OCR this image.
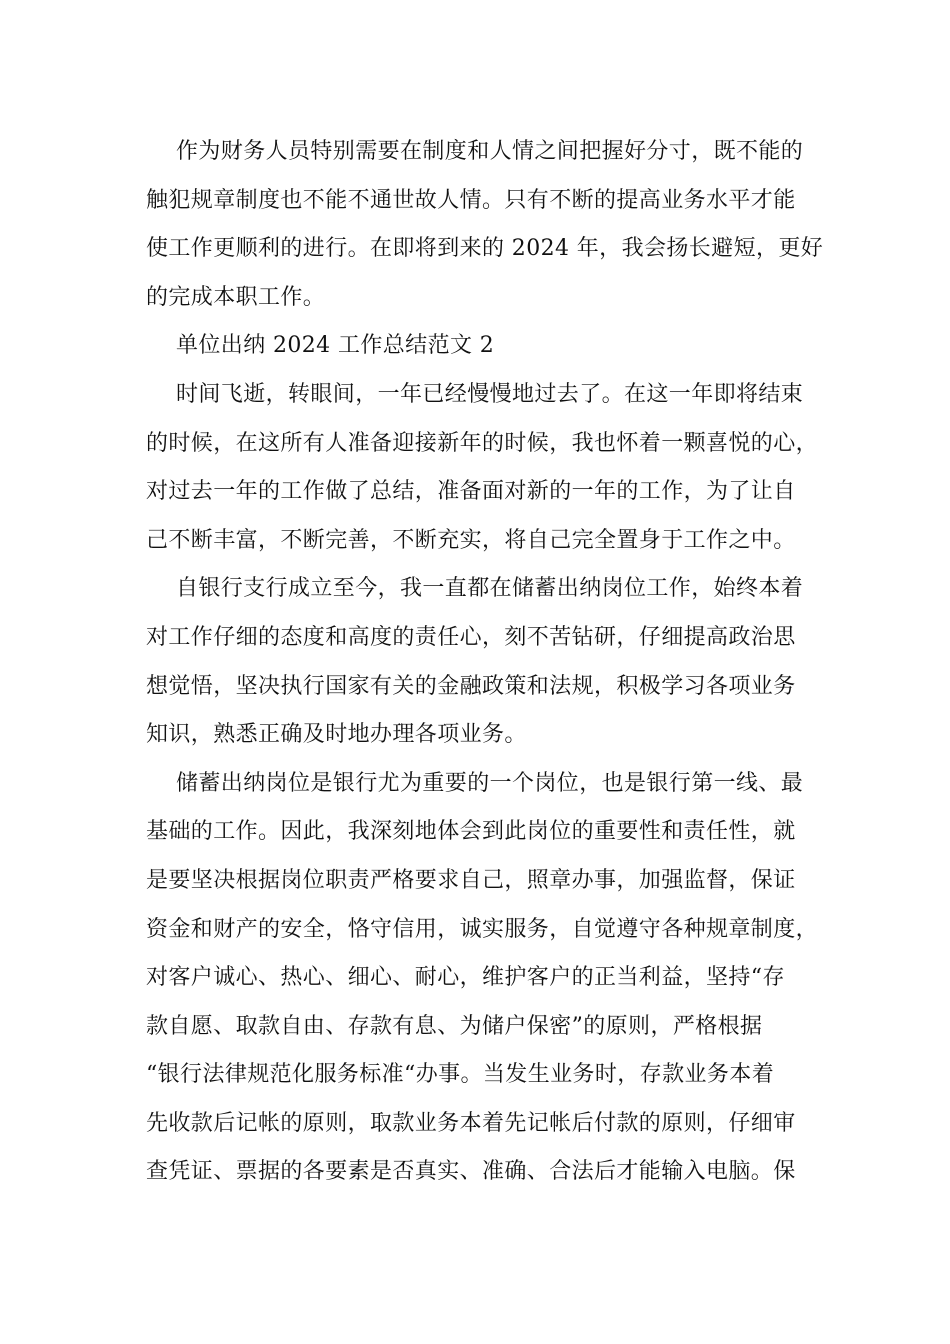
作为财务人员特别需要在制度和人情之间把握好分寸，既不能的
触犯规章制度也不能不通世故人情。只有不断的提高业务水平才能
使工作更顺利的进行。在即将到来的 2024 年，我会扬长避短，更好
的完成本职工作。
单位出纳 2024 工作总结范文 2
时间飞逝，转眼间，一年已经慢慢地过去了。在这一年即将结束
的时候，在这所有人准备迎接新年的时候，我也怀着一颗喜悦的心，
对过去一年的工作做了总结，准备面对新的一年的工作，为了让自
己不断丰富，不断完善，不断充实，将自己完全置身于工作之中。
自银行支行成立至今，我一直都在储蓄出纳岗位工作，始终本着
对工作仔细的态度和高度的责任心，刻不苦钻研，仔细提高政治思
想觉悟，坚决执行国家有关的金融政策和法规，积极学习各项业务
知识，熟悉正确及时地办理各项业务。
储蓄出纳岗位是银行尤为重要的一个岗位，也是银行第一线、最
基础的工作。因此，我深刻地体会到此岗位的重要性和责任性，就
是要坚决根据岗位职责严格要求自己，照章办事，加强监督，保证
资金和财产的安全，恪守信用，诚实服务，自觉遵守各种规章制度，
对客户诚心、热心、细心、耐心，维护客户的正当利益，坚持“存
款自愿、取款自由、存款有息、为储户保密”的原则，严格根据
“银行法律规范化服务标准“办事。当发生业务时，存款业务本着
先收款后记帐的原则，取款业务本着先记帐后付款的原则，仔细审
查凭证、票据的各要素是否真实、准确、合法后才能输入电脑。保
